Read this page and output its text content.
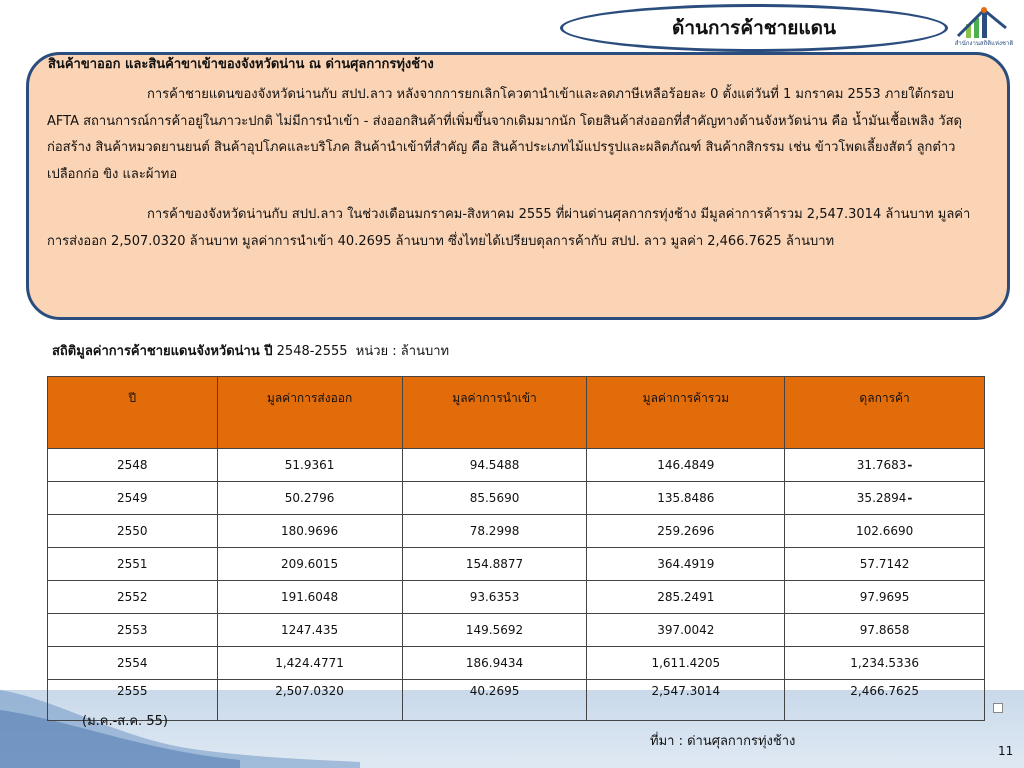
ด้านการค้าชายแดน
สำนักงานสถิติแห่งชาติ
สินค้าขาออก และสินค้าขาเข้าของจังหวัดน่าน ณ ด่านศุลกากรทุ่งช้าง
การค้าชายแดนของจังหวัดน่านกับ สปป.ลาว หลังจากการยกเลิกโควตานำเข้าและลดภาษีเหลือร้อยละ 0 ตั้งแต่วันที่ 1 มกราคม 2553 ภายใต้กรอบ AFTA สถานการณ์การค้าอยู่ในภาวะปกติ ไม่มีการนำเข้า - ส่งออกสินค้าที่เพิ่มขึ้นจากเดิมมากนัก โดยสินค้าส่งออกที่สำคัญทางด้านจังหวัดน่าน คือ น้ำมันเชื้อเพลิง วัสดุก่อสร้าง สินค้าหมวดยานยนต์ สินค้าอุปโภคและบริโภค สินค้านำเข้าที่สำคัญ คือ สินค้าประเภทไม้แปรรูปและผลิตภัณฑ์ สินค้ากสิกรรม เช่น ข้าวโพดเลี้ยงสัตว์ ลูกต๋าว เปลือกก่อ ขิง และผ้าทอ
การค้าของจังหวัดน่านกับ สปป.ลาว ในช่วงเดือนมกราคม-สิงหาคม 2555 ที่ผ่านด่านศุลกากรทุ่งช้าง มีมูลค่าการค้ารวม 2,547.3014 ล้านบาท มูลค่าการส่งออก 2,507.0320 ล้านบาท มูลค่าการนำเข้า 40.2695 ล้านบาท ซึ่งไทยได้เปรียบดุลการค้ากับ สปป. ลาว มูลค่า 2,466.7625 ล้านบาท
สถิติมูลค่าการค้าชายแดนจังหวัดน่าน ปี 2548-2555 หน่วย : ล้านบาท
ปี	มูลค่าการส่งออก	มูลค่าการนำเข้า	มูลค่าการค้ารวม	ดุลการค้า
2548	51.9361	94.5488	146.4849	31.7683-
2549	50.2796	85.5690	135.8486	35.2894-
2550	180.9696	78.2998	259.2696	102.6690
2551	209.6015	154.8877	364.4919	57.7142
2552	191.6048	93.6353	285.2491	97.9695
2553	1247.435	149.5692	397.0042	97.8658
2554	1,424.4771	186.9434	1,611.4205	1,234.5336
2555	2,507.0320	40.2695	2,547.3014	2,466.7625
(ม.ค.-ส.ค. 55)
ที่มา : ด่านศุลกากรทุ่งช้าง
11
